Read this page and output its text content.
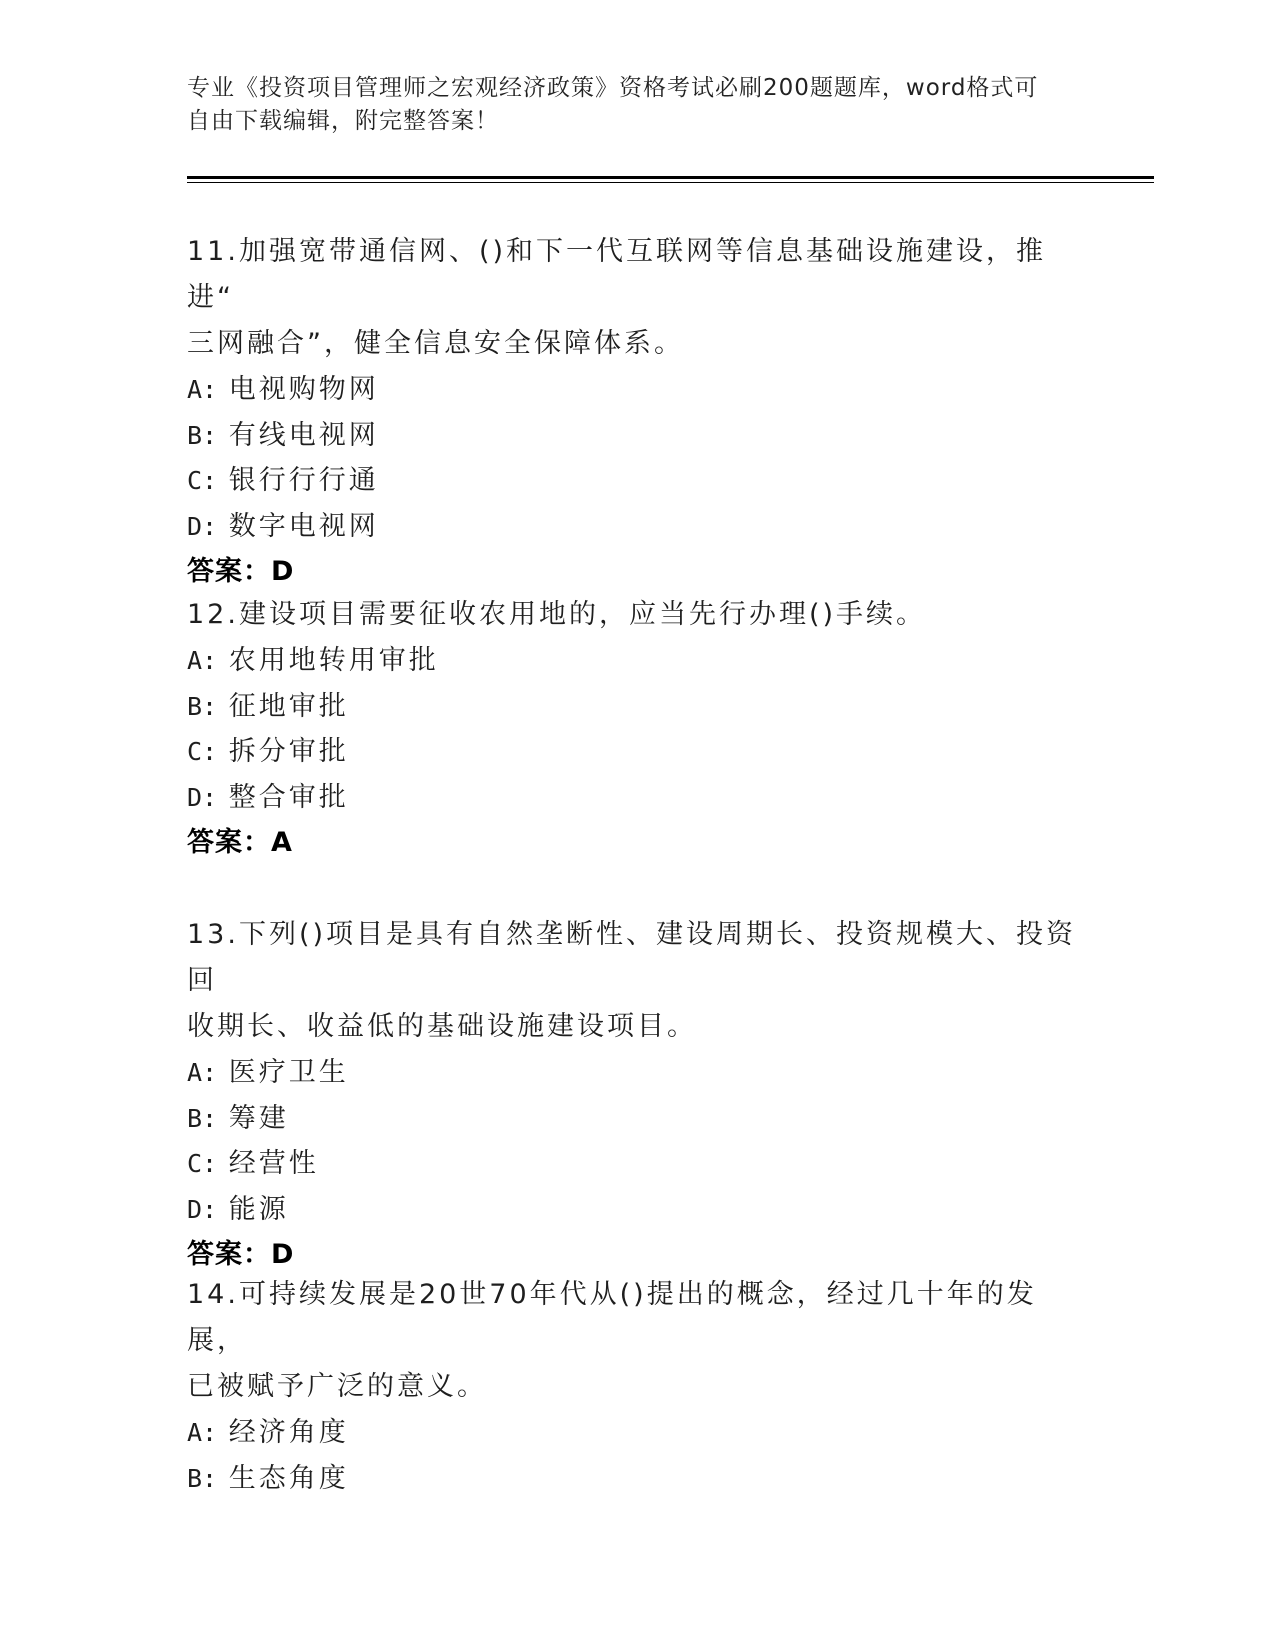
专业《投资项目管理师之宏观经济政策》资格考试必刷200题题库，word格式可
自由下载编辑，附完整答案！
11.加强宽带通信网、()和下一代互联网等信息基础设施建设，推进“
三网融合”，健全信息安全保障体系。
A: 电视购物网
B: 有线电视网
C: 银行行行通
D: 数字电视网
答案：D
12.建设项目需要征收农用地的，应当先行办理()手续。
A: 农用地转用审批
B: 征地审批
C: 拆分审批
D: 整合审批
答案：A
13.下列()项目是具有自然垄断性、建设周期长、投资规模大、投资回
收期长、收益低的基础设施建设项目。
A: 医疗卫生
B: 筹建
C: 经营性
D: 能源
答案：D
14.可持续发展是20世70年代从()提出的概念，经过几十年的发展，
已被赋予广泛的意义。
A: 经济角度
B: 生态角度
